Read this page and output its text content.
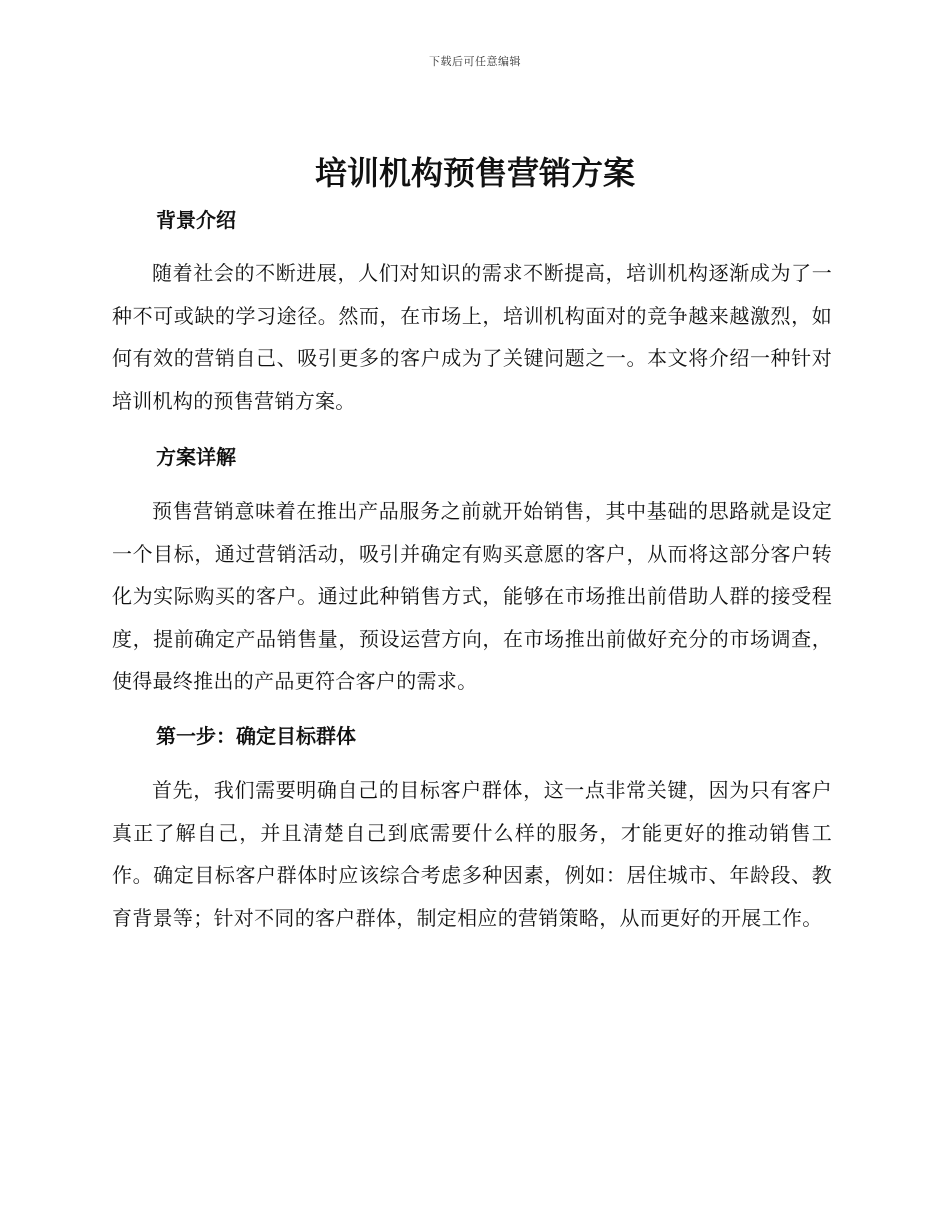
下载后可任意编辑
培训机构预售营销方案
背景介绍

随着社会的不断进展，人们对知识的需求不断提高，培训机构逐渐成为了一种不可或缺的学习途径。然而，在市场上，培训机构面对的竞争越来越激烈，如何有效的营销自己、吸引更多的客户成为了关键问题之一。本文将介绍一种针对培训机构的预售营销方案。

方案详解

预售营销意味着在推出产品服务之前就开始销售，其中基础的思路就是设定一个目标，通过营销活动，吸引并确定有购买意愿的客户，从而将这部分客户转化为实际购买的客户。通过此种销售方式，能够在市场推出前借助人群的接受程度，提前确定产品销售量，预设运营方向，在市场推出前做好充分的市场调查，使得最终推出的产品更符合客户的需求。

第一步：确定目标群体

首先，我们需要明确自己的目标客户群体，这一点非常关键，因为只有客户真正了解自己，并且清楚自己到底需要什么样的服务，才能更好的推动销售工作。确定目标客户群体时应该综合考虑多种因素，例如：居住城市、年龄段、教育背景等；针对不同的客户群体，制定相应的营销策略，从而更好的开展工作。
